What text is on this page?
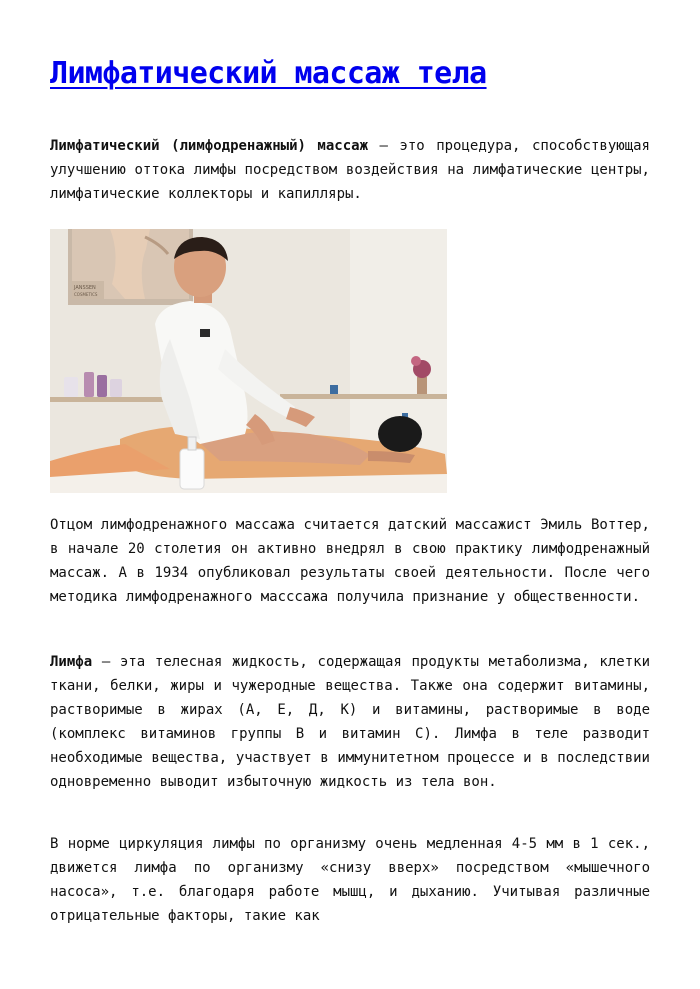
Лимфатический массаж тела

Лимфатический (лимфодренажный) массаж — это процедура, способствующая улучшению оттока лимфы посредством воздействия на лимфатические центры, лимфатические коллекторы и капилляры.

JANSSEN
COSMETICS

Отцом лимфодренажного массажа считается датский массажист Эмиль Воттер, в начале 20 столетия он активно внедрял в свою практику лимфодренажный массаж. А в 1934 опубликовал результаты своей деятельности. После чего методика лимфодренажного масссажа получила признание у общественности.

Лимфа — эта телесная жидкость, содержащая продукты метаболизма, клетки ткани, белки, жиры и чужеродные вещества. Также она содержит витамины, растворимые в жирах (А, Е, Д, К) и витамины, растворимые в воде (комплекс витаминов группы В и витамин С). Лимфа в теле разводит необходимые вещества, участвует в иммунитетном процессе и в последствии одновременно выводит избыточную жидкость из тела вон.

В норме циркуляция лимфы по организму очень медленная 4-5 мм в 1 сек., движется лимфа по организму «снизу вверх» посредством «мышечного насоса», т.е. благодаря работе мышц, и дыханию. Учитывая различные отрицательные факторы, такие как
